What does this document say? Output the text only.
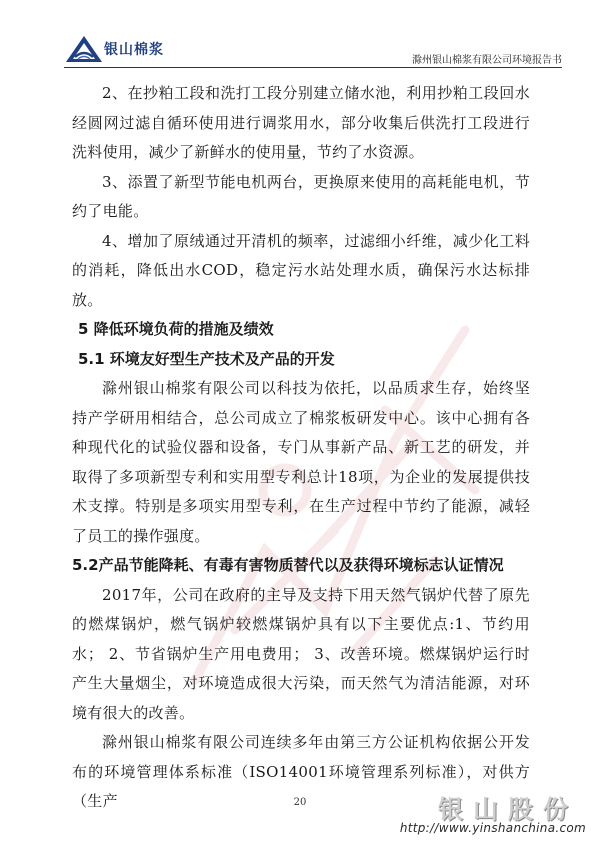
银山棉浆
滁州银山棉浆有限公司环境报告书

2、在抄粕工段和洗打工段分别建立储水池，利用抄粕工段回水经圆网过滤自循环使用进行调浆用水，部分收集后供洗打工段进行洗料使用，减少了新鲜水的使用量，节约了水资源。

3、添置了新型节能电机两台，更换原来使用的高耗能电机，节约了电能。

4、增加了原绒通过开清机的频率，过滤细小纤维，减少化工料的消耗，降低出水COD，稳定污水站处理水质，确保污水达标排放。

5 降低环境负荷的措施及绩效

5.1 环境友好型生产技术及产品的开发

滁州银山棉浆有限公司以科技为依托，以品质求生存，始终坚持产学研用相结合，总公司成立了棉浆板研发中心。该中心拥有各种现代化的试验仪器和设备，专门从事新产品、新工艺的研发，并取得了多项新型专利和实用型专利总计18项，为企业的发展提供技术支撑。特别是多项实用型专利，在生产过程中节约了能源，减轻了员工的操作强度。

5.2产品节能降耗、有毒有害物质替代以及获得环境标志认证情况

2017年，公司在政府的主导及支持下用天然气锅炉代替了原先的燃煤锅炉，燃气锅炉较燃煤锅炉具有以下主要优点:1、节约用水； 2、节省锅炉生产用电费用； 3、改善环境。燃煤锅炉运行时产生大量烟尘，对环境造成很大污染，而天然气为清洁能源，对环境有很大的改善。

滁州银山棉浆有限公司连续多年由第三方公证机构依据公开发布的环境管理体系标准（ISO14001环境管理系列标准），对供方（生产	20	银山股份
http://www.yinshanchina.com
